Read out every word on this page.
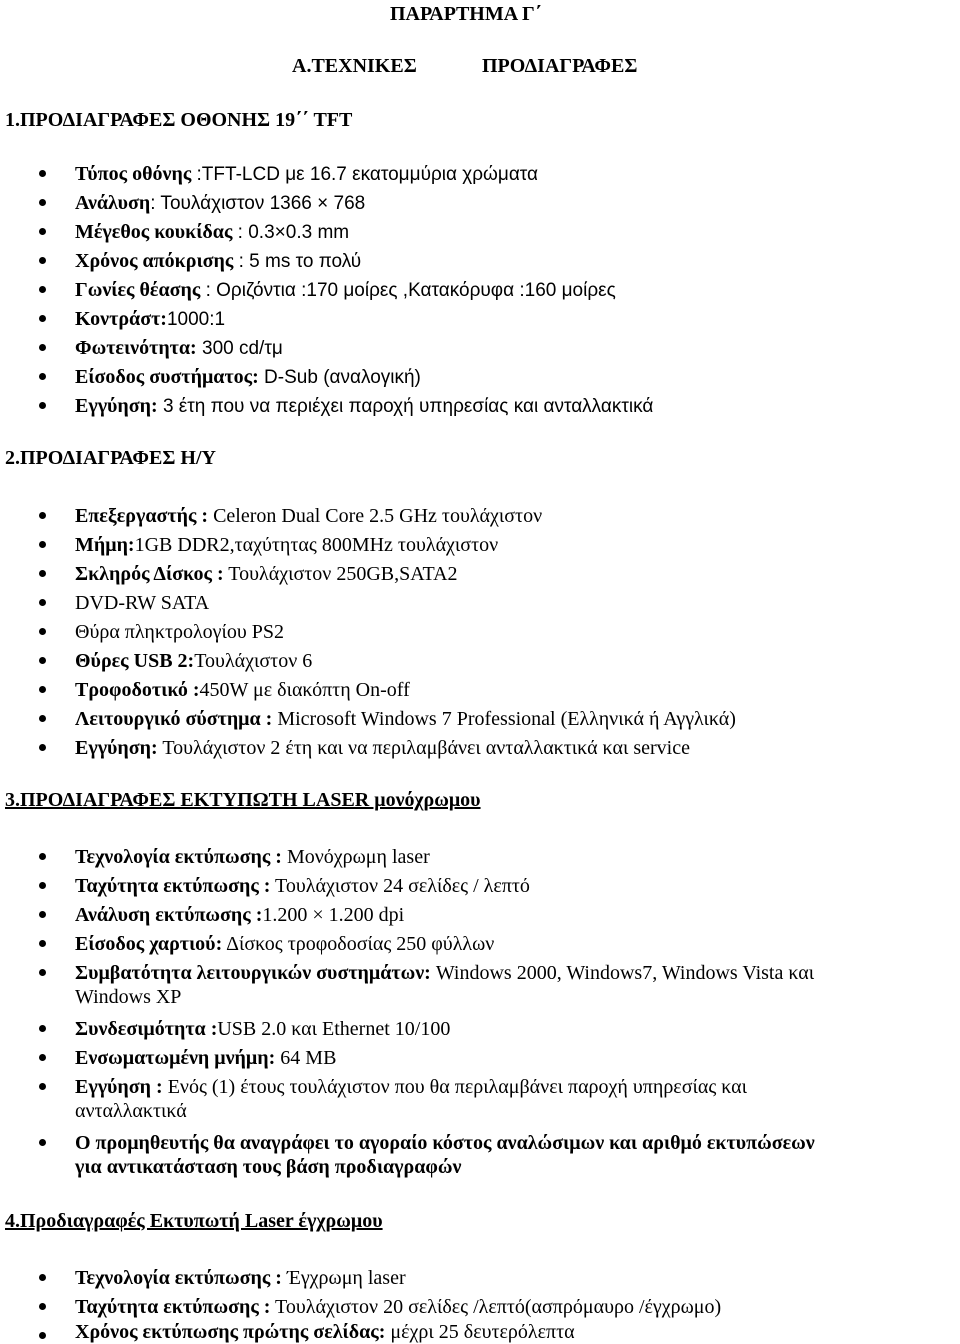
ΠΑΡΑΡΤΗΜΑ Γ΄
Α.ΤΕΧΝΙΚΕΣ	ΠΡΟΔΙΑΓΡΑΦΕΣ
1.ΠΡΟΔΙΑΓΡΑΦΕΣ ΟΘΟΝΗΣ 19΄΄ TFT
Τύπος οθόνης :TFT-LCD με 16.7 εκατομμύρια χρώματα
Ανάλυση: Τουλάχιστον 1366 × 768
Μέγεθος κουκίδας : 0.3×0.3 mm
Χρόνος απόκρισης : 5 ms το πολύ
Γωνίες θέασης : Οριζόντια :170 μοίρες ,Κατακόρυφα :160 μοίρες
Κοντράστ:1000:1
Φωτεινότητα: 300 cd/τμ
Είσοδος συστήματος: D-Sub (αναλογική)
Εγγύηση: 3 έτη που να περιέχει παροχή υπηρεσίας και ανταλλακτικά
2.ΠΡΟΔΙΑΓΡΑΦΕΣ Η/Υ
Επεξεργαστής : Celeron Dual Core 2.5 GHz τουλάχιστον
Μήμη:1GB DDR2,ταχύτητας 800MHz τουλάχιστον
Σκληρός Δίσκος : Τουλάχιστον 250GB,SATA2
DVD-RW SATA
Θύρα πληκτρολογίου PS2
Θύρες USB 2:Τουλάχιστον 6
Τροφοδοτικό :450W με διακόπτη On-off
Λειτουργικό σύστημα : Microsoft Windows 7 Professional (Ελληνικά ή Αγγλικά)
Εγγύηση: Τουλάχιστον 2 έτη και να περιλαμβάνει ανταλλακτικά και service
3.ΠΡΟΔΙΑΓΡΑΦΕΣ ΕΚΤΥΠΩΤΗ LASER μονόχρωμου
Τεχνολογία εκτύπωσης : Μονόχρωμη laser
Ταχύτητα εκτύπωσης : Τουλάχιστον 24 σελίδες / λεπτό
Ανάλυση εκτύπωσης :1.200 × 1.200 dpi
Είσοδος χαρτιού: Δίσκος τροφοδοσίας 250 φύλλων
Συμβατότητα λειτουργικών συστημάτων: Windows 2000, Windows7, Windows Vista και
Windows XP
Συνδεσιμότητα :USB 2.0 και Ethernet 10/100
Ενσωματωμένη μνήμη: 64 MB
Εγγύηση : Ενός (1) έτους τουλάχιστον που θα περιλαμβάνει παροχή υπηρεσίας και
ανταλλακτικά
Ο προμηθευτής θα αναγράφει το αγοραίο κόστος αναλώσιμων και αριθμό εκτυπώσεων
για αντικατάσταση τους βάση προδιαγραφών
4.Προδιαγραφές Εκτυπωτή Laser έγχρωμου
Τεχνολογία εκτύπωσης : Έγχρωμη laser
Ταχύτητα εκτύπωσης : Τουλάχιστον 20 σελίδες /λεπτό(ασπρόμαυρο /έγχρωμο)
Χρόνος εκτύπωσης πρώτης σελίδας: μέχρι 25 δευτερόλεπτα
